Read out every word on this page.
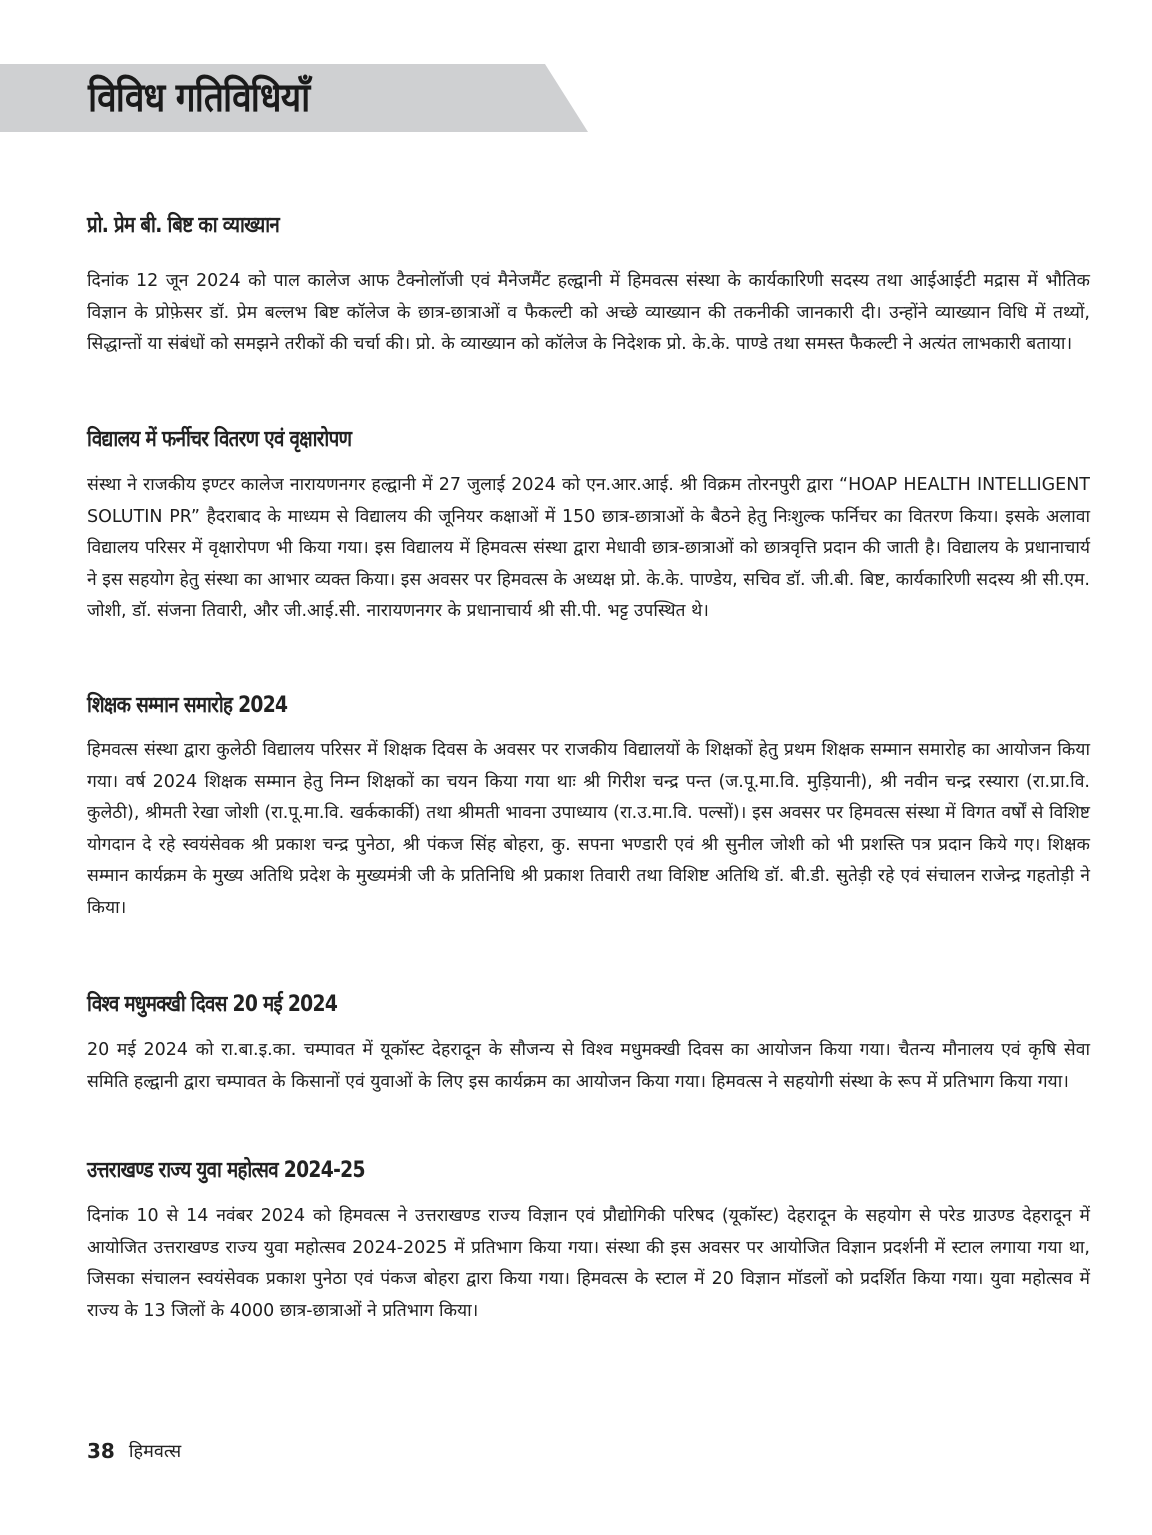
विविध गतिविधियाँ
प्रो. प्रेम बी. बिष्ट का व्याख्यान

दिनांक 12 जून 2024 को पाल कालेज आफ टैक्नोलॉजी एवं मैनेजमैंट हल्द्वानी में हिमवत्स संस्था के कार्यकारिणी सदस्य तथा आईआईटी मद्रास में भौतिक विज्ञान के प्रोफ़ेसर डॉ. प्रेम बल्लभ बिष्ट कॉलेज के छात्र-छात्राओं व फैकल्टी को अच्छे व्याख्यान की तकनीकी जानकारी दी। उन्होंने व्याख्यान विधि में तथ्यों, सिद्धान्तों या संबंधों को समझने तरीकों की चर्चा की। प्रो. के व्याख्यान को कॉलेज के निदेशक प्रो. के.के. पाण्डे तथा समस्त फैकल्टी ने अत्यंत लाभकारी बताया।

विद्यालय में फर्नीचर वितरण एवं वृक्षारोपण

संस्था ने राजकीय इण्टर कालेज नारायणनगर हल्द्वानी में 27 जुलाई 2024 को एन.आर.आई. श्री विक्रम तोरनपुरी द्वारा “HOAP HEALTH INTELLIGENT SOLUTIN PR” हैदराबाद के माध्यम से विद्यालय की जूनियर कक्षाओं में 150 छात्र-छात्राओं के बैठने हेतु निःशुल्क फर्निचर का वितरण किया। इसके अलावा विद्यालय परिसर में वृक्षारोपण भी किया गया। इस विद्यालय में हिमवत्स संस्था द्वारा मेधावी छात्र-छात्राओं को छात्रवृत्ति प्रदान की जाती है। विद्यालय के प्रधानाचार्य ने इस सहयोग हेतु संस्था का आभार व्यक्त किया। इस अवसर पर हिमवत्स के अध्यक्ष प्रो. के.के. पाण्डेय, सचिव डॉ. जी.बी. बिष्ट, कार्यकारिणी सदस्य श्री सी.एम. जोशी, डॉ. संजना तिवारी, और जी.आई.सी. नारायणनगर के प्रधानाचार्य श्री सी.पी. भट्ट उपस्थित थे।

शिक्षक सम्मान समारोह 2024

हिमवत्स संस्था द्वारा कुलेठी विद्यालय परिसर में शिक्षक दिवस के अवसर पर राजकीय विद्यालयों के शिक्षकों हेतु प्रथम शिक्षक सम्मान समारोह का आयोजन किया गया। वर्ष 2024 शिक्षक सम्मान हेतु निम्न शिक्षकों का चयन किया गया थाः श्री गिरीश चन्द्र पन्त (ज.पू.मा.वि. मुड़ियानी), श्री नवीन चन्द्र रस्यारा (रा.प्रा.वि. कुलेठी), श्रीमती रेखा जोशी (रा.पू.मा.वि. खर्ककार्की) तथा श्रीमती भावना उपाध्याय (रा.उ.मा.वि. पल्सों)। इस अवसर पर हिमवत्स संस्था में विगत वर्षों से विशिष्ट योगदान दे रहे स्वयंसेवक श्री प्रकाश चन्द्र पुनेठा, श्री पंकज सिंह बोहरा, कु. सपना भण्डारी एवं श्री सुनील जोशी को भी प्रशस्ति पत्र प्रदान किये गए। शिक्षक सम्मान कार्यक्रम के मुख्य अतिथि प्रदेश के मुख्यमंत्री जी के प्रतिनिधि श्री प्रकाश तिवारी तथा विशिष्ट अतिथि डॉ. बी.डी. सुतेड़ी रहे एवं संचालन राजेन्द्र गहतोड़ी ने किया।

विश्व मधुमक्खी दिवस 20 मई 2024

20 मई 2024 को रा.बा.इ.का. चम्पावत में यूकॉस्ट देहरादून के सौजन्य से विश्व मधुमक्खी दिवस का आयोजन किया गया। चैतन्य मौनालय एवं कृषि सेवा समिति हल्द्वानी द्वारा चम्पावत के किसानों एवं युवाओं के लिए इस कार्यक्रम का आयोजन किया गया। हिमवत्स ने सहयोगी संस्था के रूप में प्रतिभाग किया गया।

उत्तराखण्ड राज्य युवा महोत्सव 2024-25

दिनांक 10 से 14 नवंबर 2024 को हिमवत्स ने उत्तराखण्ड राज्य विज्ञान एवं प्रौद्योगिकी परिषद (यूकॉस्ट) देहरादून के सहयोग से परेड ग्राउण्ड देहरादून में आयोजित उत्तराखण्ड राज्य युवा महोत्सव 2024-2025 में प्रतिभाग किया गया। संस्था की इस अवसर पर आयोजित विज्ञान प्रदर्शनी में स्टाल लगाया गया था, जिसका संचालन स्वयंसेवक प्रकाश पुनेठा एवं पंकज बोहरा द्वारा किया गया। हिमवत्स के स्टाल में 20 विज्ञान मॉडलों को प्रदर्शित किया गया। युवा महोत्सव में राज्य के 13 जिलों के 4000 छात्र-छात्राओं ने प्रतिभाग किया।

38 हिमवत्स
